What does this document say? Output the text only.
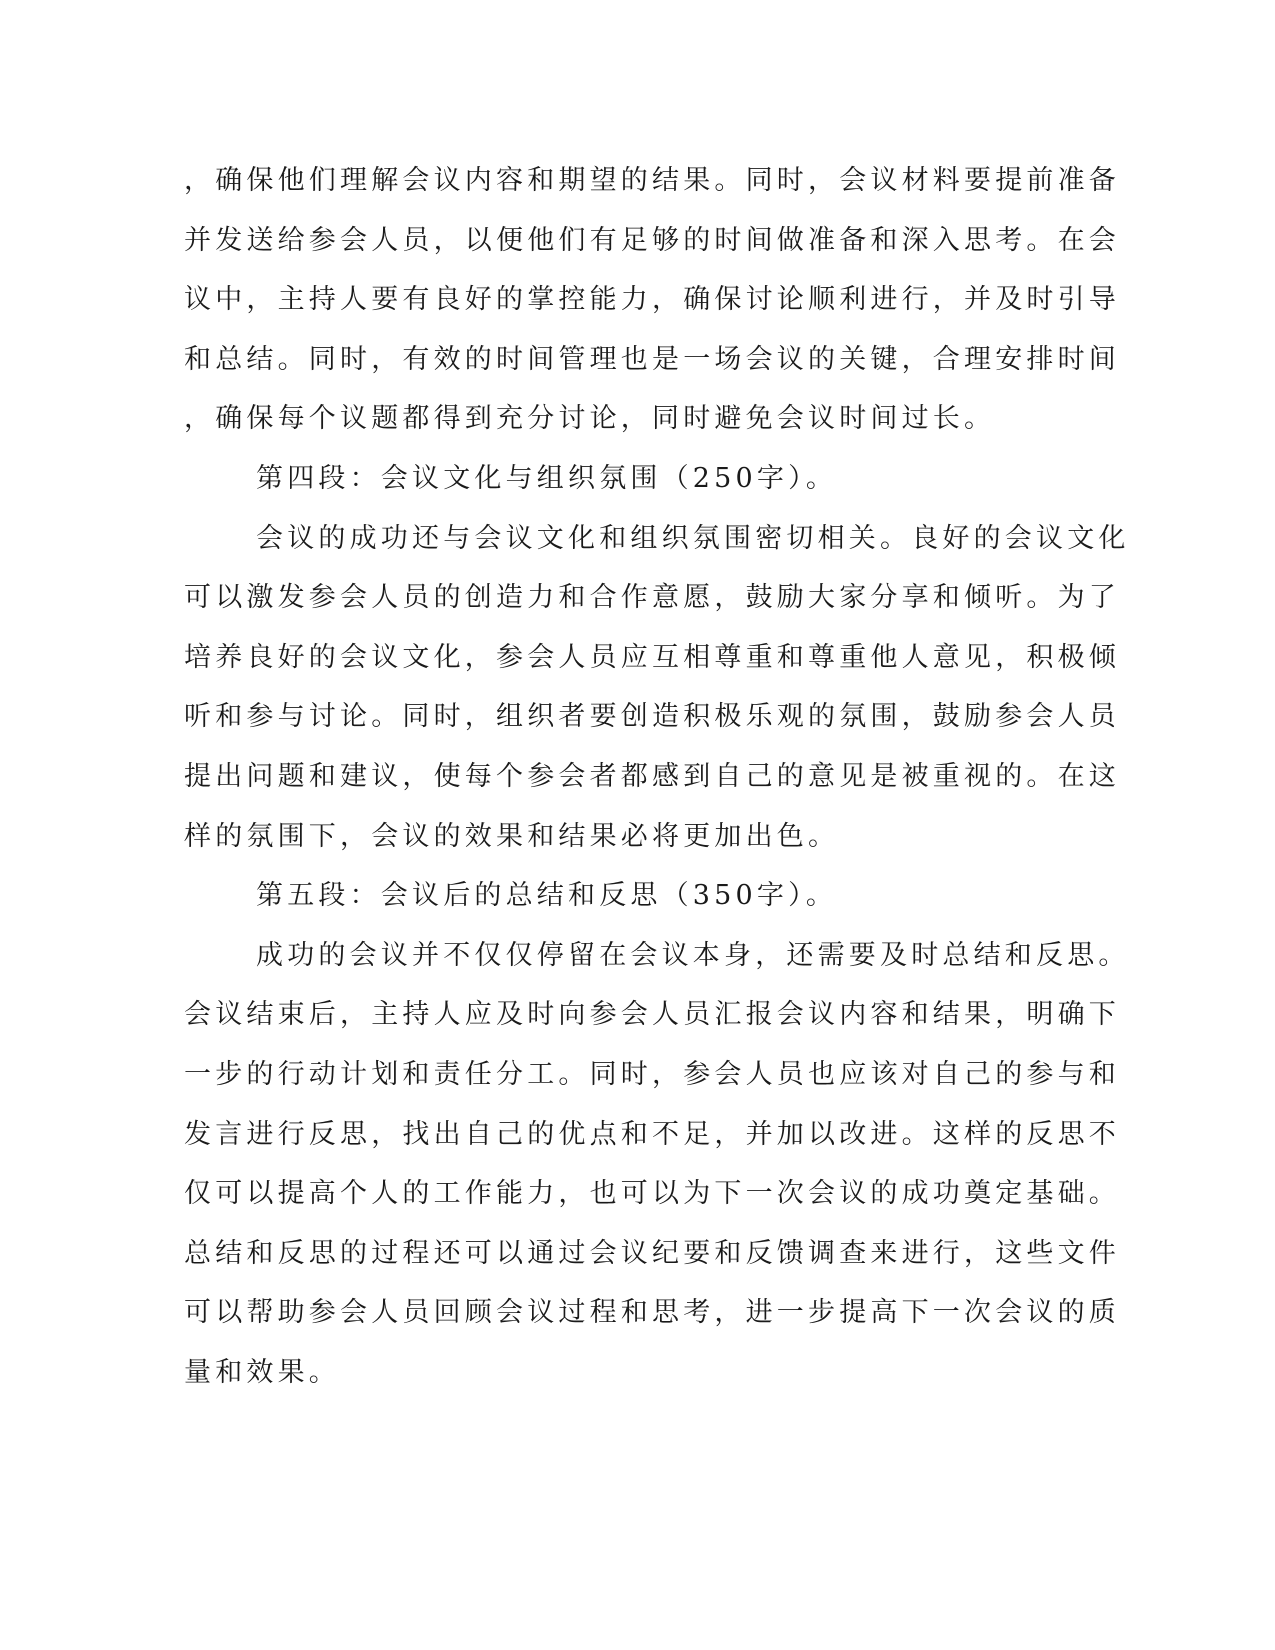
，确保他们理解会议内容和期望的结果。同时，会议材料要提前准备
并发送给参会人员，以便他们有足够的时间做准备和深入思考。在会
议中，主持人要有良好的掌控能力，确保讨论顺利进行，并及时引导
和总结。同时，有效的时间管理也是一场会议的关键，合理安排时间
，确保每个议题都得到充分讨论，同时避免会议时间过长。
第四段：会议文化与组织氛围（250字）。
会议的成功还与会议文化和组织氛围密切相关。良好的会议文化
可以激发参会人员的创造力和合作意愿，鼓励大家分享和倾听。为了
培养良好的会议文化，参会人员应互相尊重和尊重他人意见，积极倾
听和参与讨论。同时，组织者要创造积极乐观的氛围，鼓励参会人员
提出问题和建议，使每个参会者都感到自己的意见是被重视的。在这
样的氛围下，会议的效果和结果必将更加出色。
第五段：会议后的总结和反思（350字）。
成功的会议并不仅仅停留在会议本身，还需要及时总结和反思。
会议结束后，主持人应及时向参会人员汇报会议内容和结果，明确下
一步的行动计划和责任分工。同时，参会人员也应该对自己的参与和
发言进行反思，找出自己的优点和不足，并加以改进。这样的反思不
仅可以提高个人的工作能力，也可以为下一次会议的成功奠定基础。
总结和反思的过程还可以通过会议纪要和反馈调查来进行，这些文件
可以帮助参会人员回顾会议过程和思考，进一步提高下一次会议的质
量和效果。
